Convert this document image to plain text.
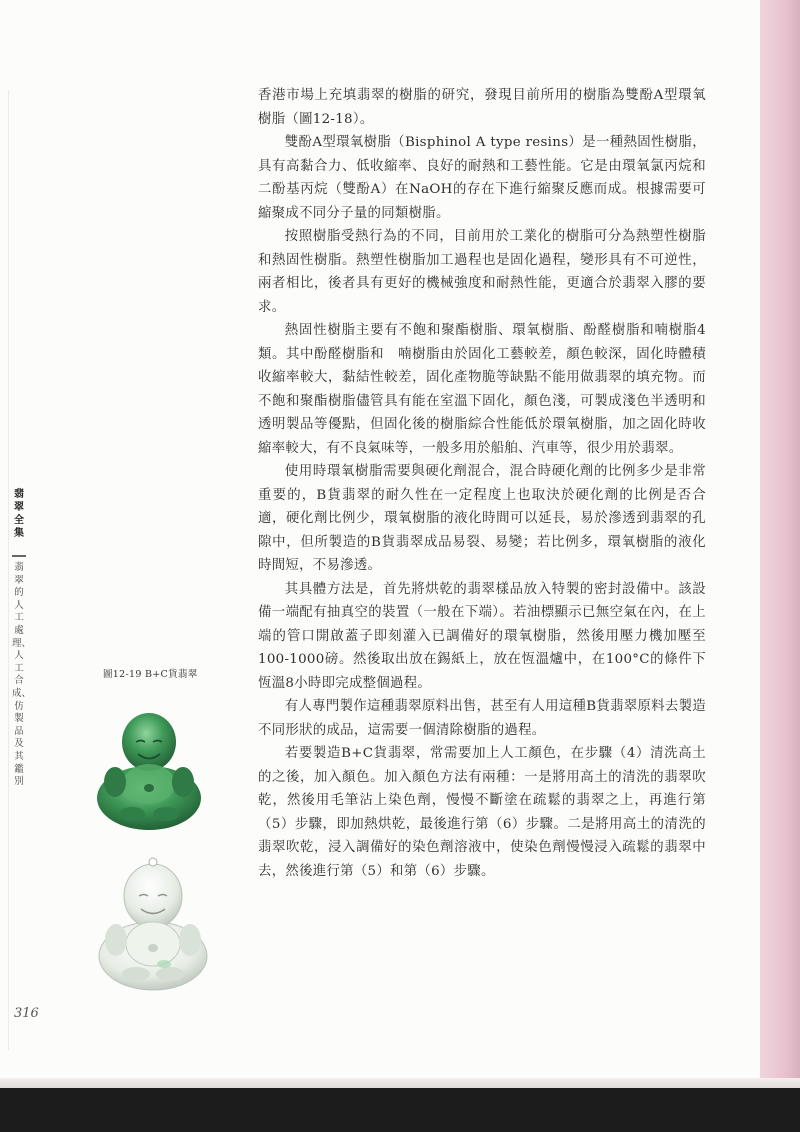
香港市場上充填翡翠的樹脂的研究，發現目前所用的樹脂為雙酚A型環氧樹脂（圖12-18）。

雙酚A型環氧樹脂（Bisphinol A type resins）是一種熱固性樹脂，具有高黏合力、低收縮率、良好的耐熱和工藝性能。它是由環氧氯丙烷和二酚基丙烷（雙酚A）在NaOH的存在下進行縮聚反應而成。根據需要可縮聚成不同分子量的同類樹脂。

按照樹脂受熱行為的不同，目前用於工業化的樹脂可分為熱塑性樹脂和熱固性樹脂。熱塑性樹脂加工過程也是固化過程，變形具有不可逆性，兩者相比，後者具有更好的機械強度和耐熱性能，更適合於翡翠入膠的要求。

熱固性樹脂主要有不飽和聚酯樹脂、環氧樹脂、酚醛樹脂和喃樹脂4類。其中酚醛樹脂和　喃樹脂由於固化工藝較差，顏色較深，固化時體積收縮率較大，黏結性較差，固化產物脆等缺點不能用做翡翠的填充物。而不飽和聚酯樹脂儘管具有能在室溫下固化，顏色淺，可製成淺色半透明和透明製品等優點，但固化後的樹脂綜合性能低於環氧樹脂，加之固化時收縮率較大，有不良氣味等，一般多用於船舶、汽車等，很少用於翡翠。

使用時環氧樹脂需要與硬化劑混合，混合時硬化劑的比例多少是非常重要的，B貨翡翠的耐久性在一定程度上也取決於硬化劑的比例是否合適，硬化劑比例少，環氧樹脂的液化時間可以延長，易於滲透到翡翠的孔隙中，但所製造的B貨翡翠成品易裂、易變；若比例多，環氧樹脂的液化時間短，不易滲透。

其具體方法是，首先將烘乾的翡翠樣品放入特製的密封設備中。該設備一端配有抽真空的裝置（一般在下端）。若油標顯示已無空氣在內，在上端的管口開啟蓋子即刻灌入已調備好的環氧樹脂，然後用壓力機加壓至100-1000磅。然後取出放在錫紙上，放在恆溫爐中，在100°C的條件下恆溫8小時即完成整個過程。

有人專門製作這種翡翠原料出售，甚至有人用這種B貨翡翠原料去製造不同形狀的成品，這需要一個清除樹脂的過程。

若要製造B+C貨翡翠，常需要加上人工顏色，在步驟（4）清洗高土的之後，加入顏色。加入顏色方法有兩種：一是將用高土的清洗的翡翠吹乾，然後用毛筆沾上染色劑，慢慢不斷塗在疏鬆的翡翠之上，再進行第（5）步驟，即加熱烘乾，最後進行第（6）步驟。二是將用高土的清洗的翡翠吹乾，浸入調備好的染色劑溶液中，使染色劑慢慢浸入疏鬆的翡翠中去，然後進行第（5）和第（6）步驟。

翡翠全集
翡翠的人工處理、人工合成、仿製品及其鑑別
圖12-19 B+C貨翡翠
316
